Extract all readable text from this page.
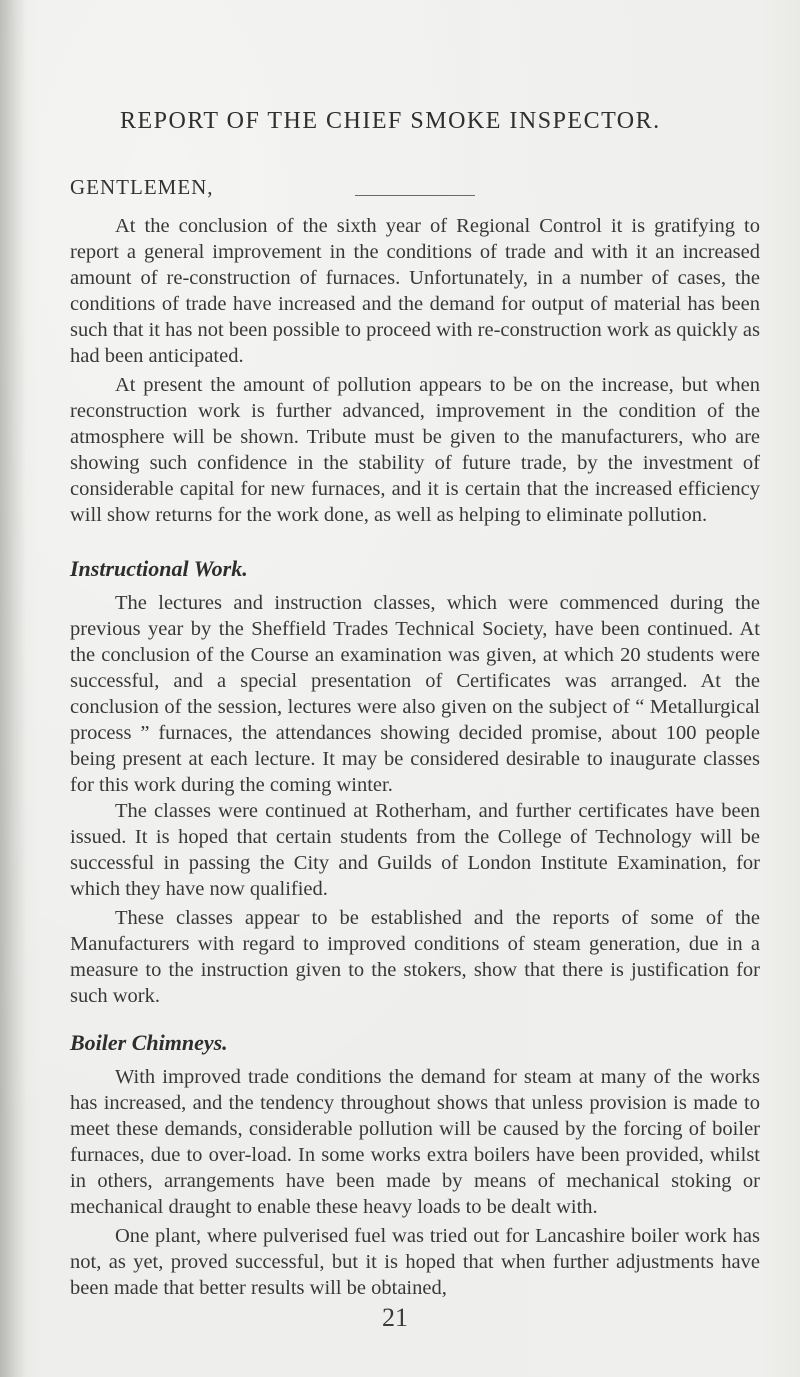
REPORT OF THE CHIEF SMOKE INSPECTOR.
GENTLEMEN,

At the conclusion of the sixth year of Regional Control it is gratifying to report a general improvement in the conditions of trade and with it an increased amount of re-construction of furnaces. Unfortunately, in a number of cases, the conditions of trade have increased and the demand for output of material has been such that it has not been possible to proceed with re-construction work as quickly as had been anticipated.

At present the amount of pollution appears to be on the increase, but when reconstruction work is further advanced, improvement in the condition of the atmosphere will be shown. Tribute must be given to the manufacturers, who are showing such confidence in the stability of future trade, by the investment of considerable capital for new furnaces, and it is certain that the increased efficiency will show returns for the work done, as well as helping to eliminate pollution.

Instructional Work.

The lectures and instruction classes, which were commenced during the previous year by the Sheffield Trades Technical Society, have been continued. At the conclusion of the Course an examination was given, at which 20 students were successful, and a special presentation of Certificates was arranged. At the conclusion of the session, lectures were also given on the subject of “ Metallurgical process ” furnaces, the attendances showing decided promise, about 100 people being present at each lecture. It may be considered desirable to inaugurate classes for this work during the coming winter.

The classes were continued at Rotherham, and further certificates have been issued. It is hoped that certain students from the College of Technology will be successful in passing the City and Guilds of London Institute Examination, for which they have now qualified.

These classes appear to be established and the reports of some of the Manufacturers with regard to improved conditions of steam generation, due in a measure to the instruction given to the stokers, show that there is justification for such work.

Boiler Chimneys.

With improved trade conditions the demand for steam at many of the works has increased, and the tendency throughout shows that unless provision is made to meet these demands, considerable pollution will be caused by the forcing of boiler furnaces, due to over-load. In some works extra boilers have been provided, whilst in others, arrangements have been made by means of mechanical stoking or mechanical draught to enable these heavy loads to be dealt with.

One plant, where pulverised fuel was tried out for Lancashire boiler work has not, as yet, proved successful, but it is hoped that when further adjustments have been made that better results will be obtained,

21
